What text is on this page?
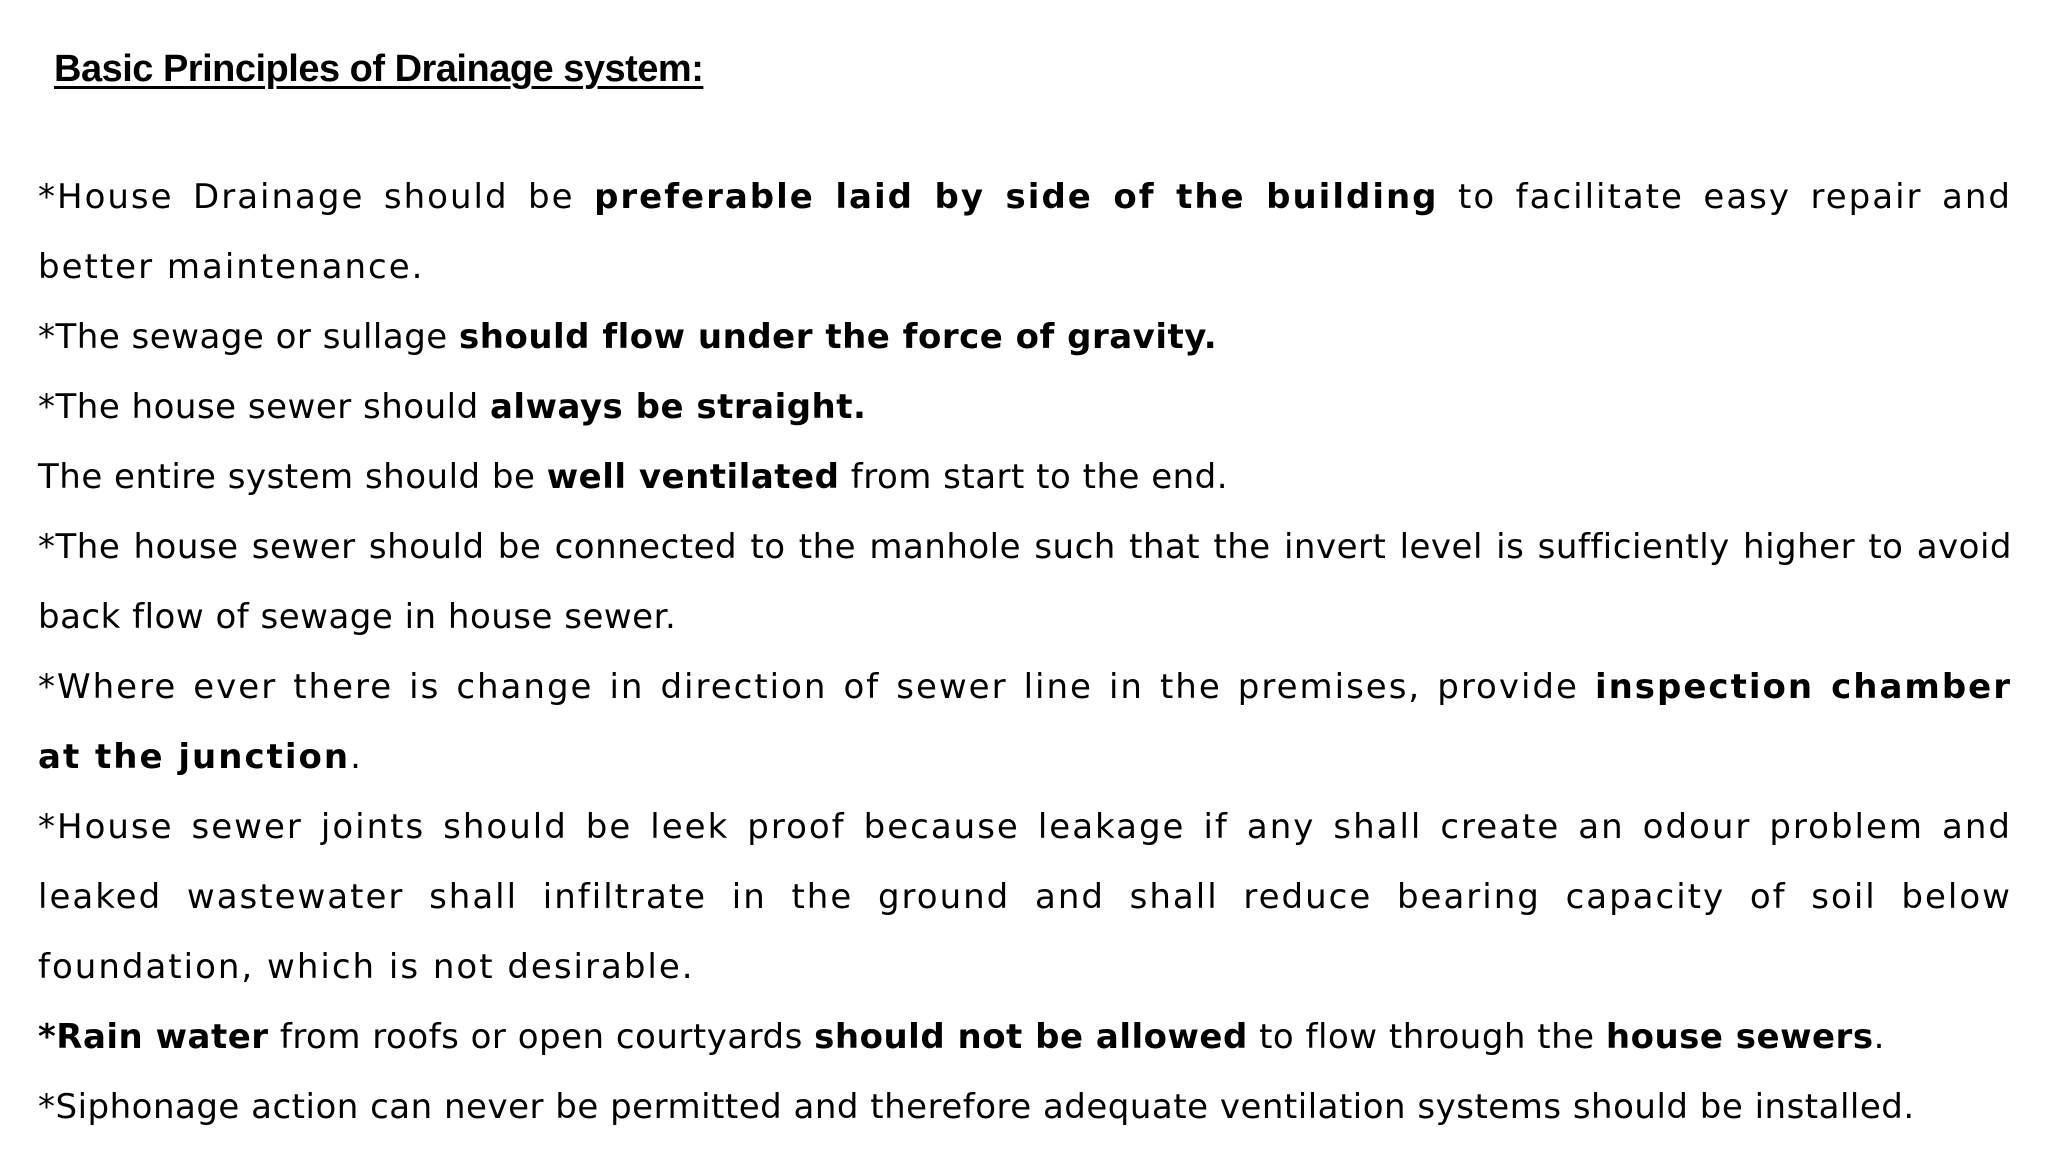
Basic Principles of Drainage system:

*House Drainage should be preferable laid by side of the building to facilitate easy repair and better maintenance.

*The sewage or sullage should flow under the force of gravity.

*The house sewer should always be straight.

The entire system should be well ventilated from start to the end.

*The house sewer should be connected to the manhole such that the invert level is sufficiently higher to avoid back flow of sewage in house sewer.

*Where ever there is change in direction of sewer line in the premises, provide inspection chamber at the junction.

*House sewer joints should be leek proof because leakage if any shall create an odour problem and leaked wastewater shall infiltrate in the ground and shall reduce bearing capacity of soil below foundation, which is not desirable.

*Rain water from roofs or open courtyards should not be allowed to flow through the house sewers.

*Siphonage action can never be permitted and therefore adequate ventilation systems should be installed.
